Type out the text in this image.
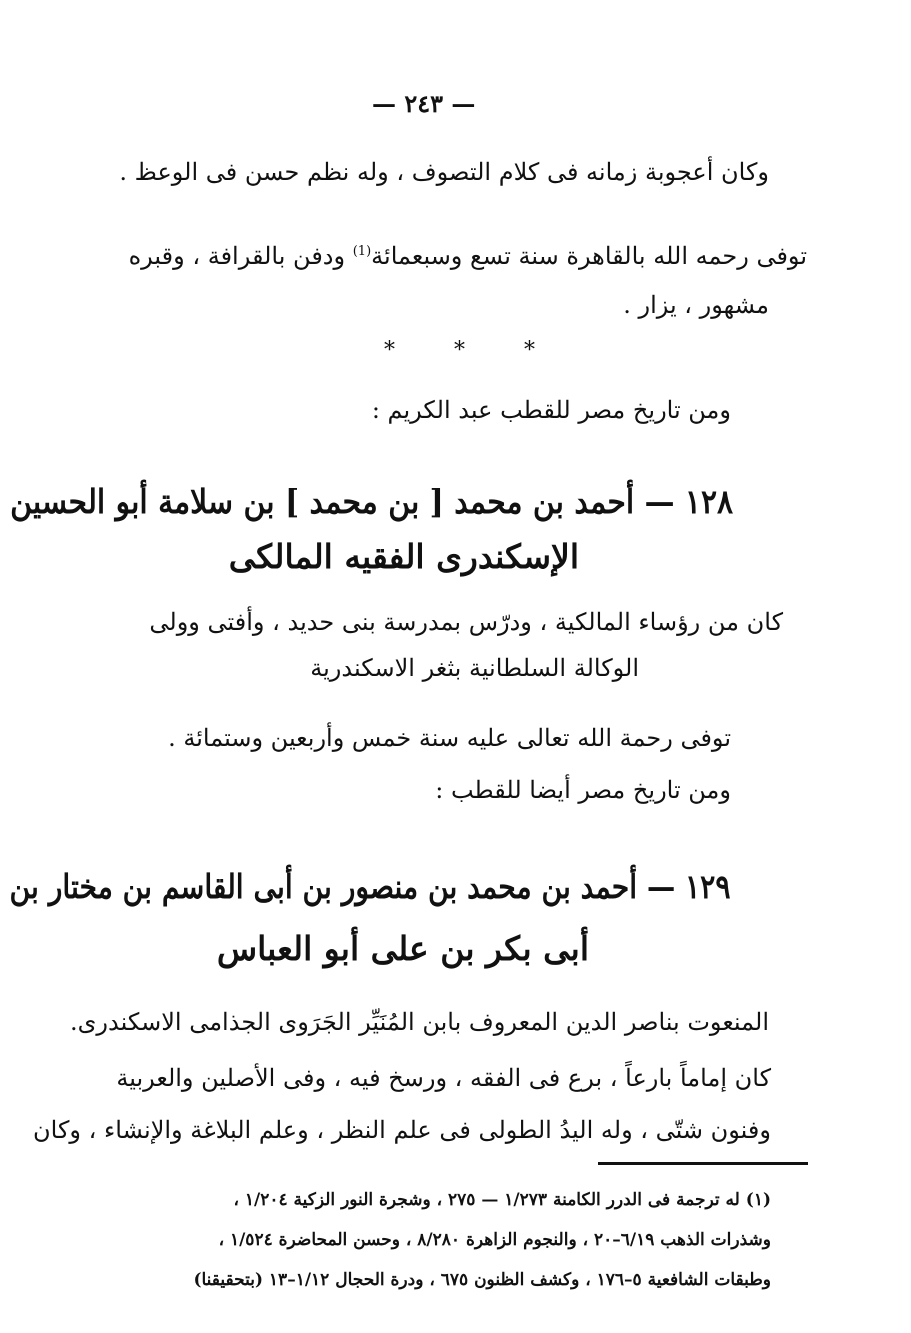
— ٢٤٣ —
وكان أعجوبة زمانه فى كلام التصوف ، وله نظم حسن فى الوعظ .
توفى رحمه الله بالقاهرة سنة تسع وسبعمائة$^{(1)}$ ودفن بالقرافة ، وقبره
مشهور ، يزار .
* * *
ومن تاريخ مصر للقطب عبد الكريم :
١٢٨ — أحمد بن محمد [ بن محمد ] بن سلامة أبو الحسين
الإسكندرى الفقيه المالكى
كان من رؤساء المالكية ، ودرّس بمدرسة بنى حديد ، وأفتى وولى
الوكالة السلطانية بثغر الاسكندرية
توفى رحمة الله تعالى عليه سنة خمس وأربعين وستمائة .
ومن تاريخ مصر أيضا للقطب :
١٢٩ — أحمد بن محمد بن منصور بن أبى القاسم بن مختار بن
أبى بكر بن على أبو العباس
المنعوت بناصر الدين المعروف بابن المُنَيِّر الجَرَوى الجذامى الاسكندرى.
كان إماماً بارعاً ، برع فى الفقه ، ورسخ فيه ، وفى الأصلين والعربية
وفنون شتّى ، وله اليدُ الطولى فى علم النظر ، وعلم البلاغة والإنشاء ، وكان
(١) له ترجمة فى الدرر الكامنة ١/٢٧٣ — ٢٧٥ ، وشجرة النور الزكية ١/٢٠٤ ،
وشذرات الذهب ٦/١٩–٢٠ ، والنجوم الزاهرة ٨/٢٨٠ ، وحسن المحاضرة ١/٥٢٤ ،
وطبقات الشافعية ٥–١٧٦ ، وكشف الظنون ٦٧٥ ، ودرة الحجال ١/١٢–١٣ (بتحقيقنا)
